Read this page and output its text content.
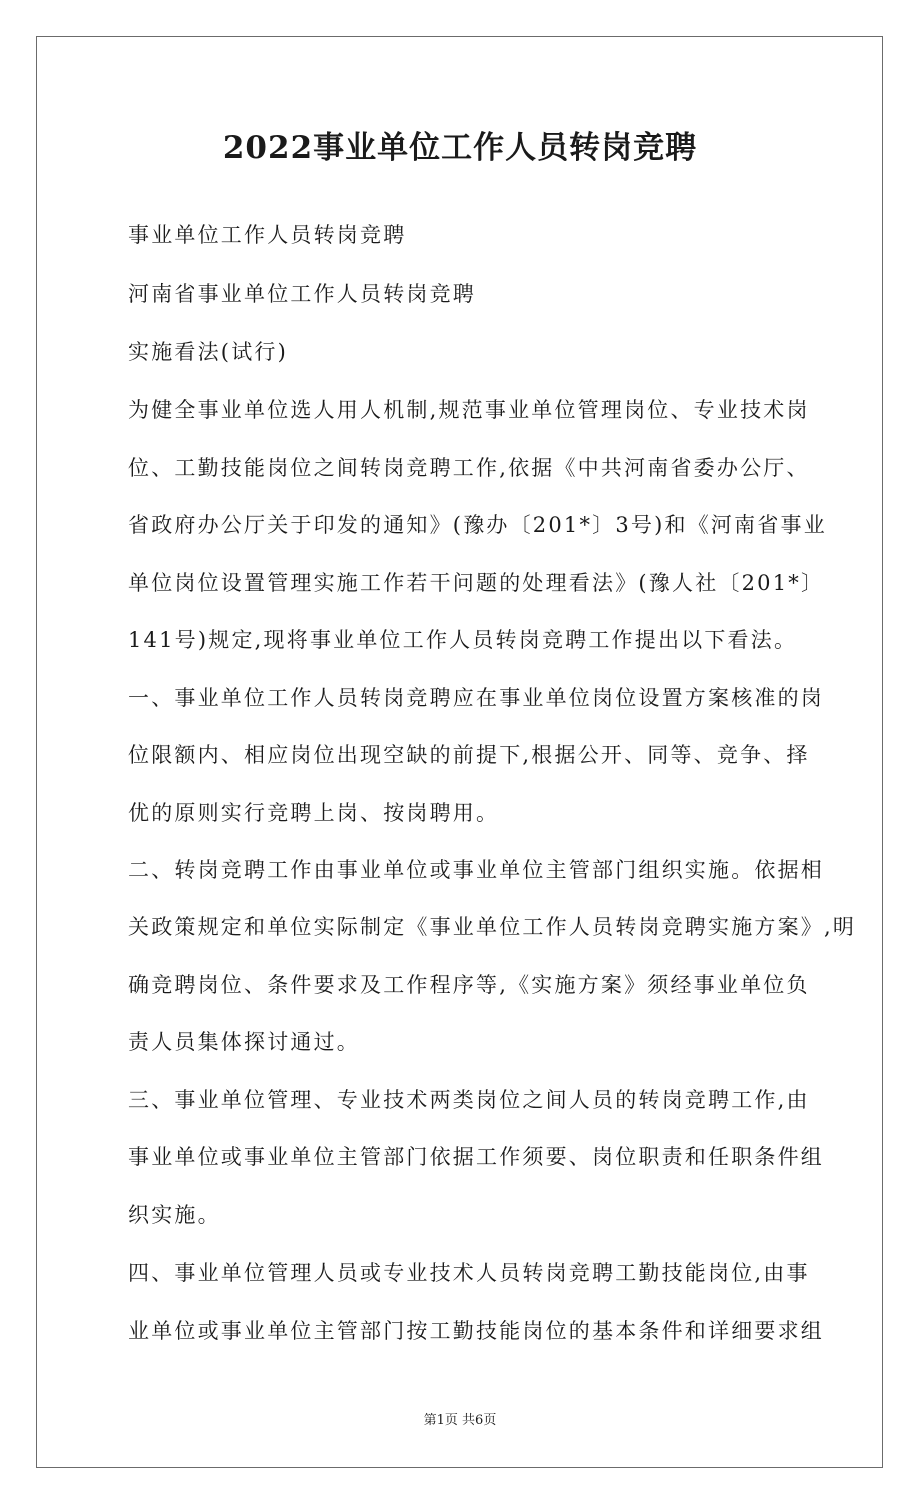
2022事业单位工作人员转岗竞聘
事业单位工作人员转岗竞聘
河南省事业单位工作人员转岗竞聘
实施看法(试行)
为健全事业单位选人用人机制,规范事业单位管理岗位、专业技术岗
位、工勤技能岗位之间转岗竞聘工作,依据《中共河南省委办公厅、
省政府办公厅关于印发的通知》(豫办〔201*〕3号)和《河南省事业
单位岗位设置管理实施工作若干问题的处理看法》(豫人社〔201*〕
141号)规定,现将事业单位工作人员转岗竞聘工作提出以下看法。
一、事业单位工作人员转岗竞聘应在事业单位岗位设置方案核准的岗
位限额内、相应岗位出现空缺的前提下,根据公开、同等、竞争、择
优的原则实行竞聘上岗、按岗聘用。
二、转岗竞聘工作由事业单位或事业单位主管部门组织实施。依据相
关政策规定和单位实际制定《事业单位工作人员转岗竞聘实施方案》,明
确竞聘岗位、条件要求及工作程序等,《实施方案》须经事业单位负
责人员集体探讨通过。
三、事业单位管理、专业技术两类岗位之间人员的转岗竞聘工作,由
事业单位或事业单位主管部门依据工作须要、岗位职责和任职条件组
织实施。
四、事业单位管理人员或专业技术人员转岗竞聘工勤技能岗位,由事
业单位或事业单位主管部门按工勤技能岗位的基本条件和详细要求组
第1页 共6页
